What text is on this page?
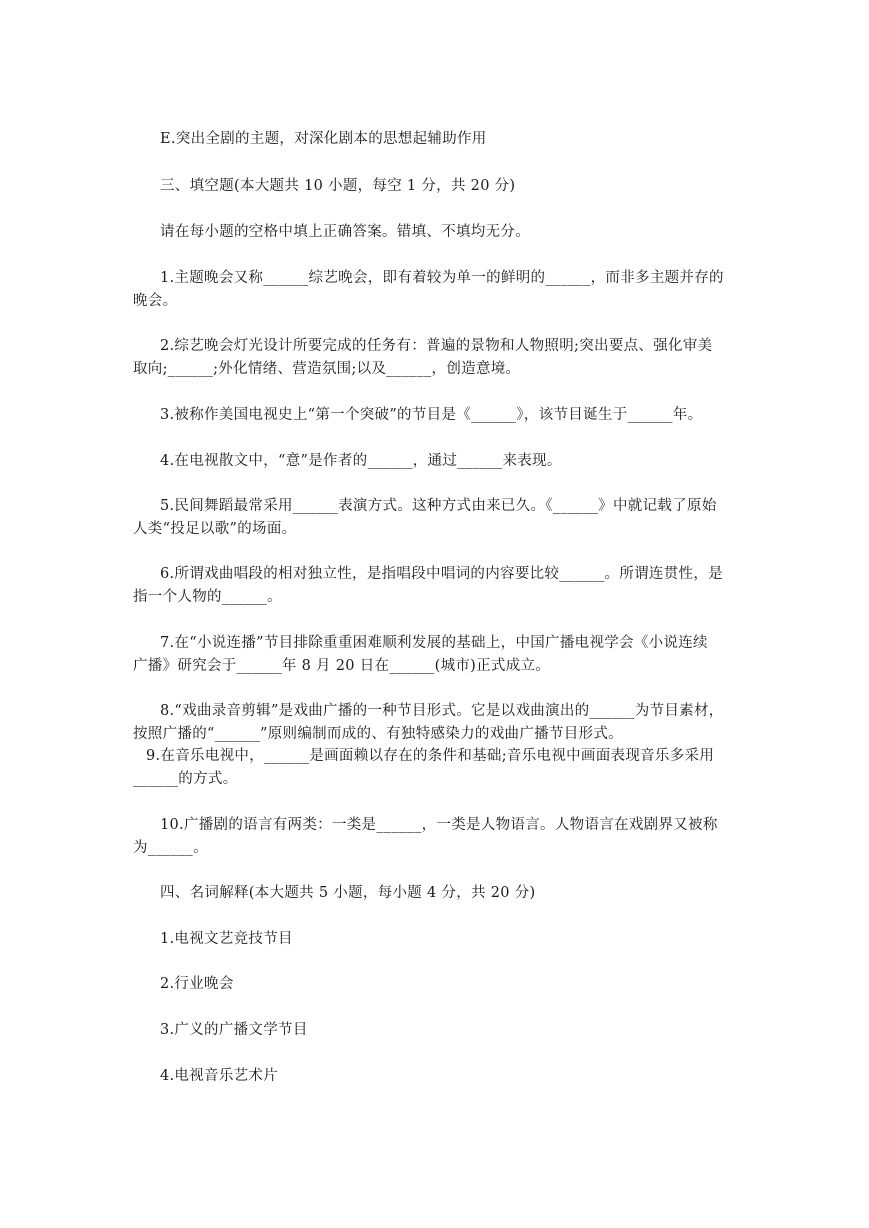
E.突出全剧的主题，对深化剧本的思想起辅助作用
三、填空题(本大题共 10 小题，每空 1 分，共 20 分)
请在每小题的空格中填上正确答案。错填、不填均无分。
1.主题晚会又称______综艺晚会，即有着较为单一的鲜明的______，而非多主题并存的
晚会。
2.综艺晚会灯光设计所要完成的任务有：普遍的景物和人物照明;突出要点、强化审美
取向;______;外化情绪、营造氛围;以及______，创造意境。
3.被称作美国电视史上“第一个突破”的节目是《______》，该节目诞生于______年。
4.在电视散文中，“意”是作者的______，通过______来表现。
5.民间舞蹈最常采用______表演方式。这种方式由来已久。《______》中就记载了原始
人类“投足以歌”的场面。
6.所谓戏曲唱段的相对独立性，是指唱段中唱词的内容要比较______。所谓连贯性，是
指一个人物的______。
7.在“小说连播”节目排除重重困难顺利发展的基础上，中国广播电视学会《小说连续
广播》研究会于______年 8 月 20 日在______(城市)正式成立。
8.“戏曲录音剪辑”是戏曲广播的一种节目形式。它是以戏曲演出的______为节目素材，
按照广播的“______”原则编制而成的、有独特感染力的戏曲广播节目形式。
9.在音乐电视中，______是画面赖以存在的条件和基础;音乐电视中画面表现音乐多采用
______的方式。
10.广播剧的语言有两类：一类是______，一类是人物语言。人物语言在戏剧界又被称
为______。
四、名词解释(本大题共 5 小题，每小题 4 分，共 20 分)
1.电视文艺竞技节目
2.行业晚会
3.广义的广播文学节目
4.电视音乐艺术片
